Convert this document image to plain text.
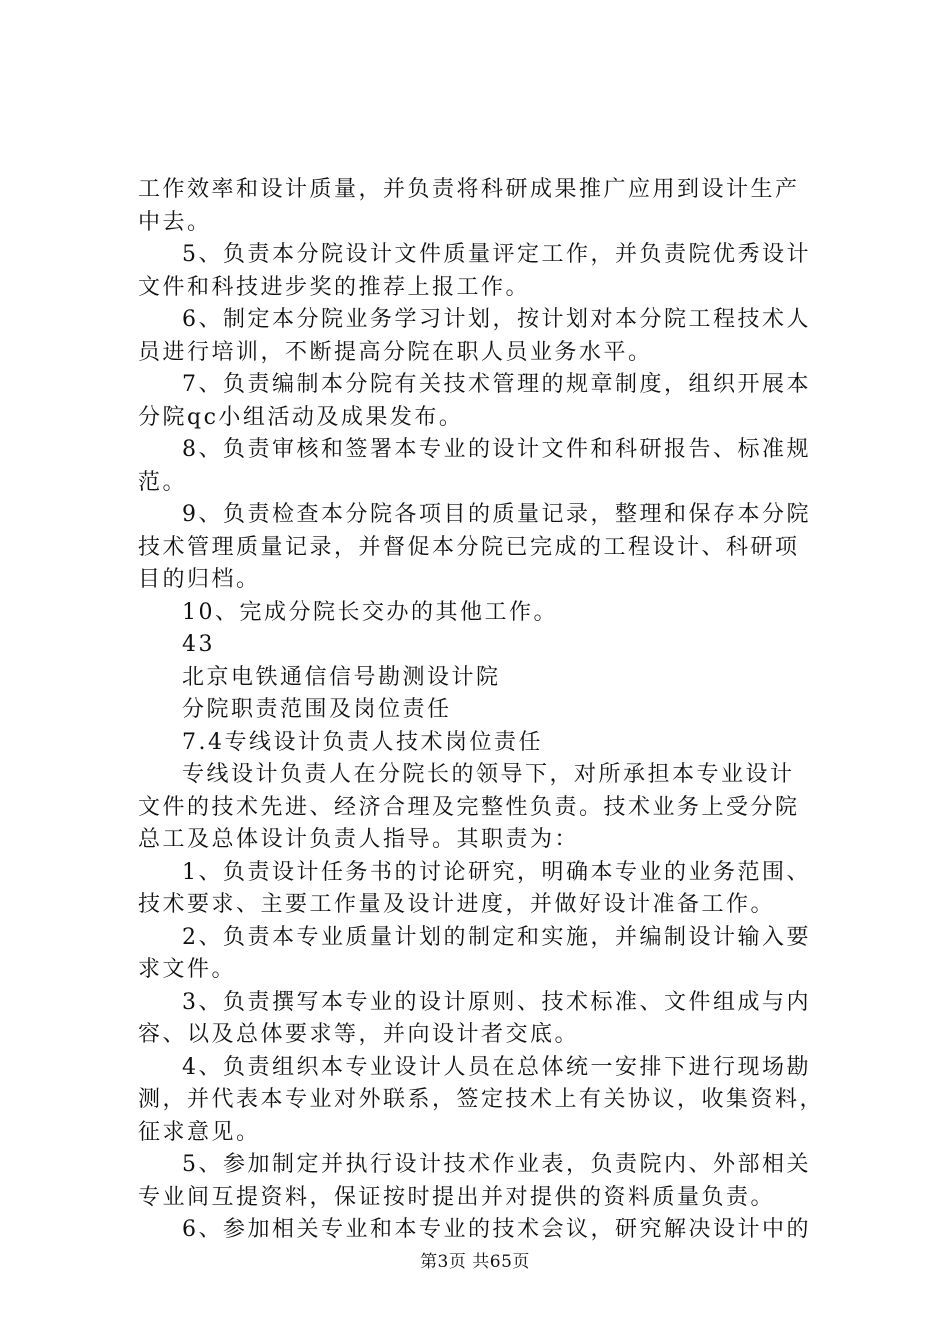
工作效率和设计质量，并负责将科研成果推广应用到设计生产
中去。
5、负责本分院设计文件质量评定工作，并负责院优秀设计
文件和科技进步奖的推荐上报工作。
6、制定本分院业务学习计划，按计划对本分院工程技术人
员进行培训，不断提高分院在职人员业务水平。
7、负责编制本分院有关技术管理的规章制度，组织开展本
分院qc小组活动及成果发布。
8、负责审核和签署本专业的设计文件和科研报告、标准规
范。
9、负责检查本分院各项目的质量记录，整理和保存本分院
技术管理质量记录，并督促本分院已完成的工程设计、科研项
目的归档。
10、完成分院长交办的其他工作。
43
北京电铁通信信号勘测设计院
分院职责范围及岗位责任
7.4专线设计负责人技术岗位责任
专线设计负责人在分院长的领导下，对所承担本专业设计
文件的技术先进、经济合理及完整性负责。技术业务上受分院
总工及总体设计负责人指导。其职责为：
1、负责设计任务书的讨论研究，明确本专业的业务范围、
技术要求、主要工作量及设计进度，并做好设计准备工作。
2、负责本专业质量计划的制定和实施，并编制设计输入要
求文件。
3、负责撰写本专业的设计原则、技术标准、文件组成与内
容、以及总体要求等，并向设计者交底。
4、负责组织本专业设计人员在总体统一安排下进行现场勘
测，并代表本专业对外联系，签定技术上有关协议，收集资料，
征求意见。
5、参加制定并执行设计技术作业表，负责院内、外部相关
专业间互提资料，保证按时提出并对提供的资料质量负责。
6、参加相关专业和本专业的技术会议，研究解决设计中的
第3页 共65页
